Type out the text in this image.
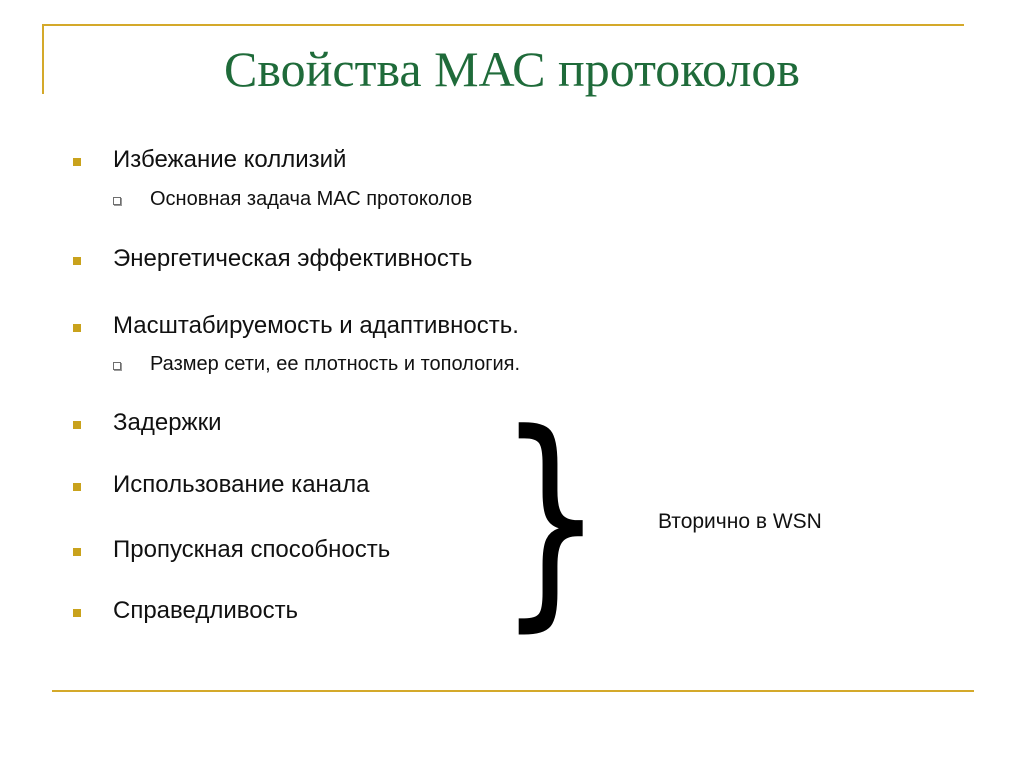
Свойства МАС протоколов
Избежание коллизий
Основная задача МАС протоколов
Энергетическая эффективность
Масштабируемость и адаптивность.
Размер сети, ее плотность и топология.
Задержки
Использование канала
Пропускная способность
Справедливость }	Вторично в WSN
